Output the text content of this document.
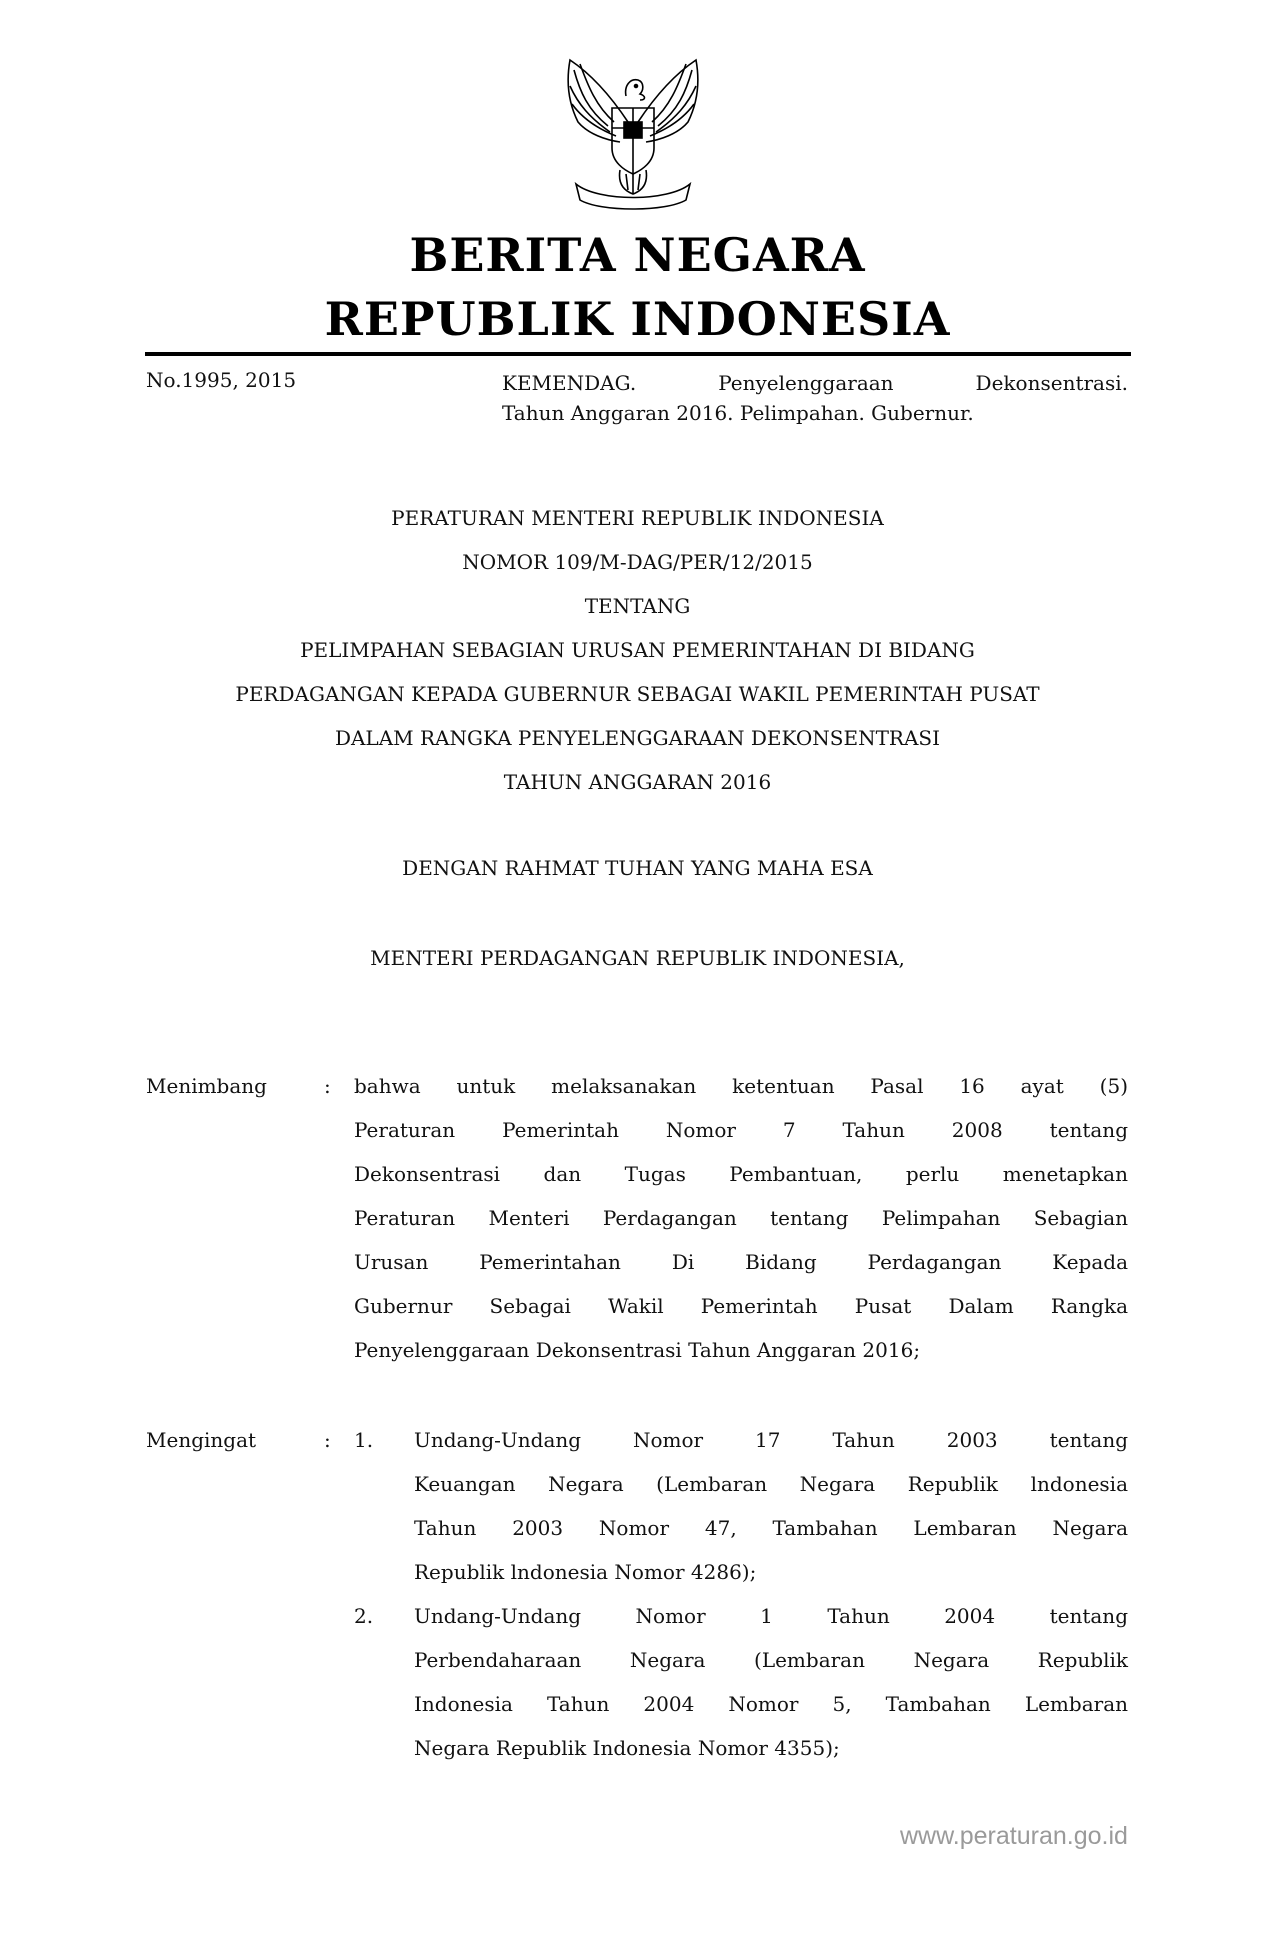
BERITA NEGARA
REPUBLIK INDONESIA
No.1995, 2015	KEMENDAG. Penyelenggaraan Dekonsentrasi.
Tahun Anggaran 2016. Pelimpahan. Gubernur.
PERATURAN MENTERI REPUBLIK INDONESIA
NOMOR 109/M-DAG/PER/12/2015
TENTANG
PELIMPAHAN SEBAGIAN URUSAN PEMERINTAHAN DI BIDANG
PERDAGANGAN KEPADA GUBERNUR SEBAGAI WAKIL PEMERINTAH PUSAT
DALAM RANGKA PENYELENGGARAAN DEKONSENTRASI
TAHUN ANGGARAN 2016
DENGAN RAHMAT TUHAN YANG MAHA ESA
MENTERI PERDAGANGAN REPUBLIK INDONESIA,
Menimbang	: bahwa untuk melaksanakan ketentuan Pasal 16 ayat (5)
Peraturan Pemerintah Nomor 7 Tahun 2008 tentang
Dekonsentrasi dan Tugas Pembantuan, perlu menetapkan
Peraturan Menteri Perdagangan tentang Pelimpahan Sebagian
Urusan Pemerintahan Di Bidang Perdagangan Kepada
Gubernur Sebagai Wakil Pemerintah Pusat Dalam Rangka
Penyelenggaraan Dekonsentrasi Tahun Anggaran 2016;
Mengingat	: 1. Undang-Undang Nomor 17 Tahun 2003 tentang
Keuangan Negara (Lembaran Negara Republik lndonesia
Tahun 2003 Nomor 47, Tambahan Lembaran Negara
Republik lndonesia Nomor 4286);
2. Undang-Undang Nomor 1 Tahun 2004 tentang
Perbendaharaan Negara (Lembaran Negara Republik
Indonesia Tahun 2004 Nomor 5, Tambahan Lembaran
Negara Republik Indonesia Nomor 4355);
www.peraturan.go.id
